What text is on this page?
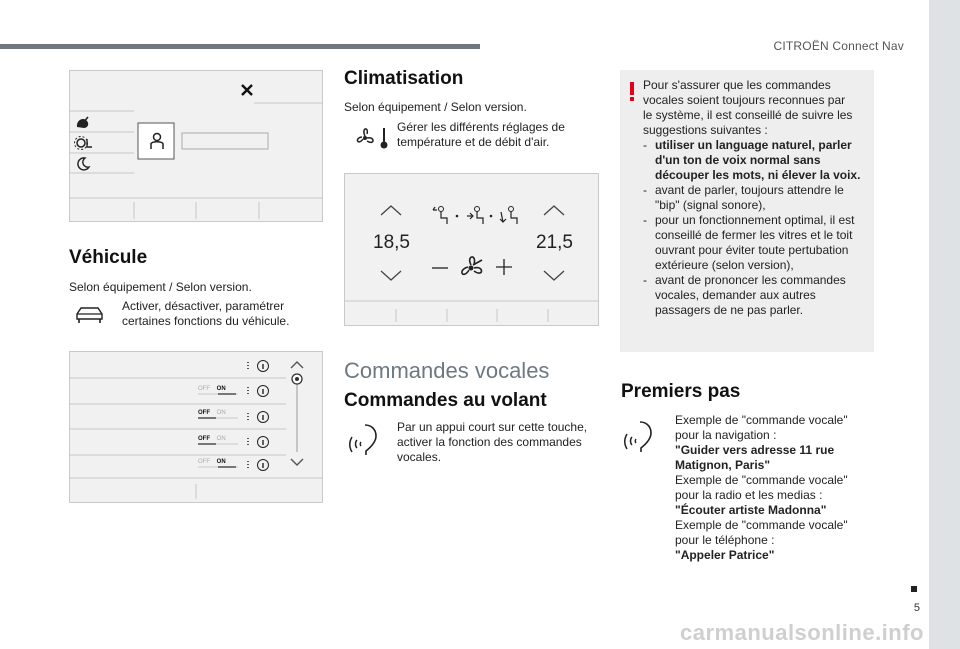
CITROËN Connect Nav
5
Véhicule
Selon équipement / Selon version.
Activer, désactiver, paramétrer
certaines fonctions du véhicule.
OFF ON
OFF ON
OFF ON
OFF ON
Climatisation
Selon équipement / Selon version.
Gérer les différents réglages de
température et de débit d'air.
18,5	21,5
Commandes vocales
Commandes au volant
Par un appui court sur cette touche,
activer la fonction des commandes
vocales.
Pour s'assurer que les commandes
vocales soient toujours reconnues par
le système, il est conseillé de suivre les
suggestions suivantes :
- utiliser un language naturel, parler
d'un ton de voix normal sans
découper les mots, ni élever la voix.
- avant de parler, toujours attendre le
"bip" (signal sonore),
- pour un fonctionnement optimal, il est
conseillé de fermer les vitres et le toit
ouvrant pour éviter toute pertubation
extérieure (selon version),
- avant de prononcer les commandes
vocales, demander aux autres
passagers de ne pas parler.
Premiers pas
Exemple de "commande vocale"
pour la navigation :
"Guider vers adresse 11 rue
Matignon, Paris"
Exemple de "commande vocale"
pour la radio et les medias :
"Écouter artiste Madonna"
Exemple de "commande vocale"
pour le téléphone :
"Appeler Patrice"
carmanualsonline.info
